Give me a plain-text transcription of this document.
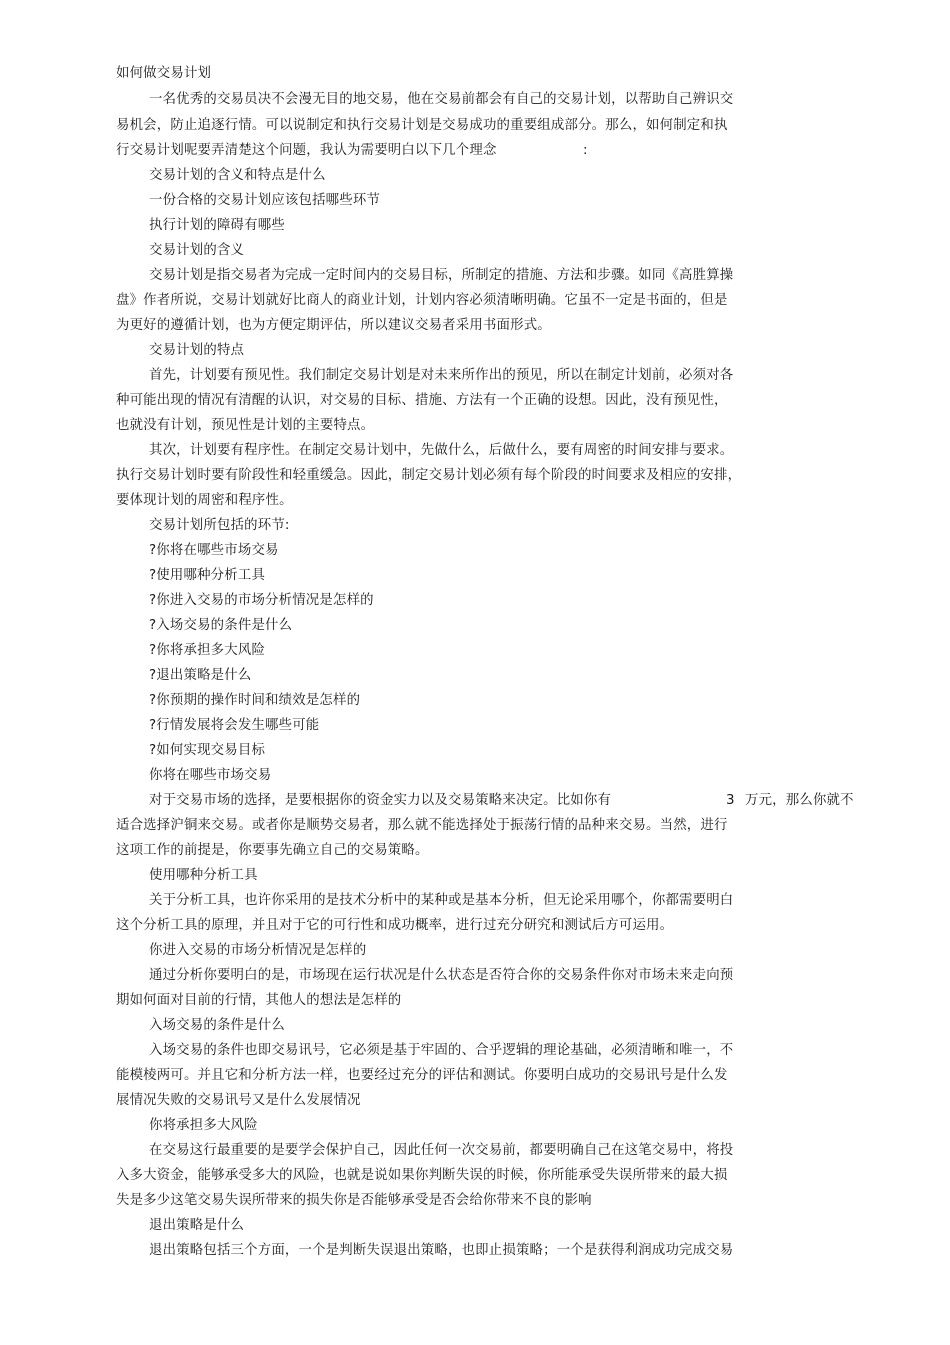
如何做交易计划
一名优秀的交易员决不会漫无目的地交易，他在交易前都会有自己的交易计划，以帮助自己辨识交
易机会，防止追逐行情。可以说制定和执行交易计划是交易成功的重要组成部分。那么，如何制定和执
行交易计划呢要弄清楚这个问题，我认为需要明白以下几个理念	:
交易计划的含义和特点是什么
一份合格的交易计划应该包括哪些环节
执行计划的障碍有哪些
交易计划的含义
交易计划是指交易者为完成一定时间内的交易目标，所制定的措施、方法和步骤。如同《高胜算操
盘》作者所说，交易计划就好比商人的商业计划，计划内容必须清晰明确。它虽不一定是书面的，但是
为更好的遵循计划，也为方便定期评估，所以建议交易者采用书面形式。
交易计划的特点
首先，计划要有预见性。我们制定交易计划是对未来所作出的预见，所以在制定计划前，必须对各
种可能出现的情况有清醒的认识，对交易的目标、措施、方法有一个正确的设想。因此，没有预见性，
也就没有计划，预见性是计划的主要特点。
其次，计划要有程序性。在制定交易计划中，先做什么，后做什么，要有周密的时间安排与要求。
执行交易计划时要有阶段性和轻重缓急。因此，制定交易计划必须有每个阶段的时间要求及相应的安排，
要体现计划的周密和程序性。
交易计划所包括的环节:
?你将在哪些市场交易
?使用哪种分析工具
?你进入交易的市场分析情况是怎样的
?入场交易的条件是什么
?你将承担多大风险
?退出策略是什么
?你预期的操作时间和绩效是怎样的
?行情发展将会发生哪些可能
?如何实现交易目标
你将在哪些市场交易
对于交易市场的选择，是要根据你的资金实力以及交易策略来决定。比如你有	3 万元，那么你就不
适合选择沪铜来交易。或者你是顺势交易者，那么就不能选择处于振荡行情的品种来交易。当然，进行
这项工作的前提是，你要事先确立自己的交易策略。
使用哪种分析工具
关于分析工具，也许你采用的是技术分析中的某种或是基本分析，但无论采用哪个，你都需要明白
这个分析工具的原理，并且对于它的可行性和成功概率，进行过充分研究和测试后方可运用。
你进入交易的市场分析情况是怎样的
通过分析你要明白的是，市场现在运行状况是什么状态是否符合你的交易条件你对市场未来走向预
期如何面对目前的行情，其他人的想法是怎样的
入场交易的条件是什么
入场交易的条件也即交易讯号，它必须是基于牢固的、合乎逻辑的理论基础，必须清晰和唯一，不
能模棱两可。并且它和分析方法一样，也要经过充分的评估和测试。你要明白成功的交易讯号是什么发
展情况失败的交易讯号又是什么发展情况
你将承担多大风险
在交易这行最重要的是要学会保护自己，因此任何一次交易前，都要明确自己在这笔交易中，将投
入多大资金，能够承受多大的风险，也就是说如果你判断失误的时候，你所能承受失误所带来的最大损
失是多少这笔交易失误所带来的损失你是否能够承受是否会给你带来不良的影响
退出策略是什么
退出策略包括三个方面，一个是判断失误退出策略，也即止损策略；一个是获得利润成功完成交易
